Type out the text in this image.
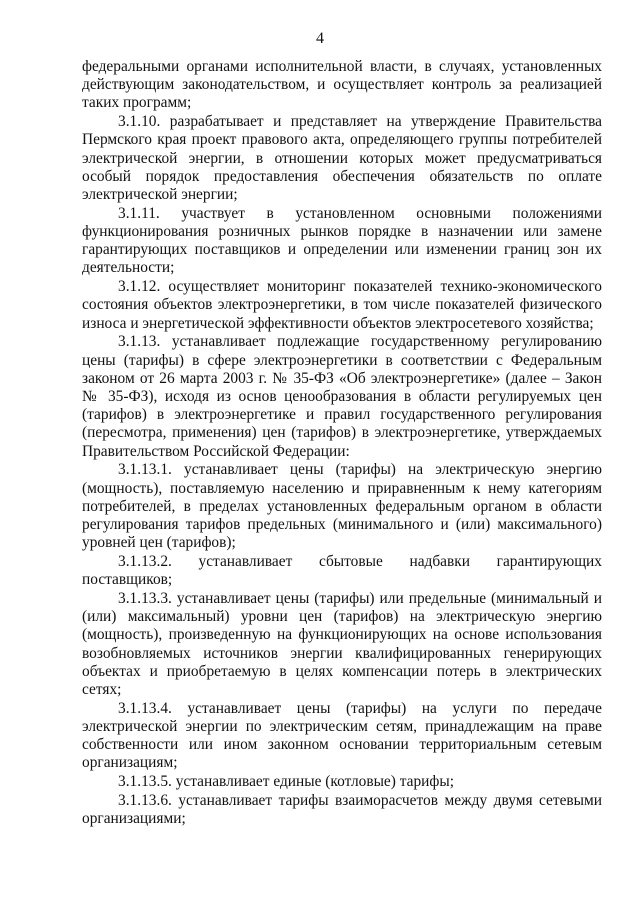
4

федеральными органами исполнительной власти, в случаях, установленных действующим законодательством, и осуществляет контроль за реализацией таких программ;

3.1.10. разрабатывает и представляет на утверждение Правительства Пермского края проект правового акта, определяющего группы потребителей электрической энергии, в отношении которых может предусматриваться особый порядок предоставления обеспечения обязательств по оплате электрической энергии;

3.1.11. участвует в установленном основными положениями функционирования розничных рынков порядке в назначении или замене гарантирующих поставщиков и определении или изменении границ зон их деятельности;

3.1.12. осуществляет мониторинг показателей технико-экономического состояния объектов электроэнергетики, в том числе показателей физического износа и энергетической эффективности объектов электросетевого хозяйства;

3.1.13. устанавливает подлежащие государственному регулированию цены (тарифы) в сфере электроэнергетики в соответствии с Федеральным законом от 26 марта 2003 г. № 35-ФЗ «Об электроэнергетике» (далее – Закон № 35-ФЗ), исходя из основ ценообразования в области регулируемых цен (тарифов) в электроэнергетике и правил государственного регулирования (пересмотра, применения) цен (тарифов) в электроэнергетике, утверждаемых Правительством Российской Федерации:

3.1.13.1. устанавливает цены (тарифы) на электрическую энергию (мощность), поставляемую населению и приравненным к нему категориям потребителей, в пределах установленных федеральным органом в области регулирования тарифов предельных (минимального и (или) максимального) уровней цен (тарифов);

3.1.13.2. устанавливает сбытовые надбавки гарантирующих поставщиков;

3.1.13.3. устанавливает цены (тарифы) или предельные (минимальный и (или) максимальный) уровни цен (тарифов) на электрическую энергию (мощность), произведенную на функционирующих на основе использования возобновляемых источников энергии квалифицированных генерирующих объектах и приобретаемую в целях компенсации потерь в электрических сетях;

3.1.13.4. устанавливает цены (тарифы) на услуги по передаче электрической энергии по электрическим сетям, принадлежащим на праве собственности или ином законном основании территориальным сетевым организациям;

3.1.13.5. устанавливает единые (котловые) тарифы;

3.1.13.6. устанавливает тарифы взаиморасчетов между двумя сетевыми организациями;
